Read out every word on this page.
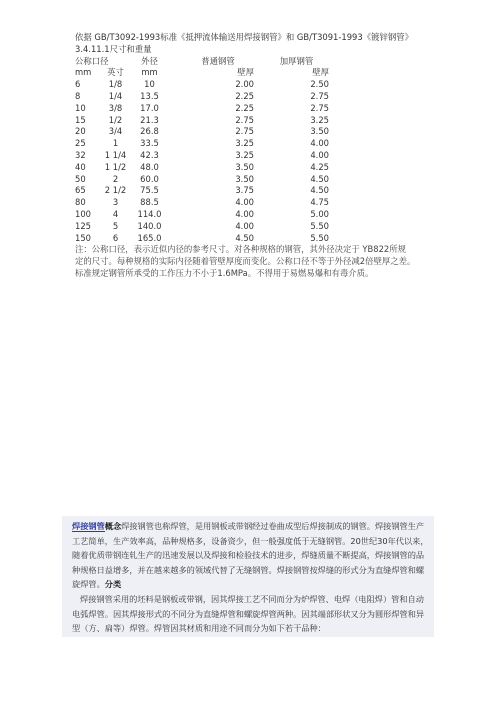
依据 GB/T3092-1993标准《抵押流体输送用焊接钢管》和 GB/T3091-1993《镀锌钢管》

3.4.11.1尺寸和重量

公称口径		外径	普通钢管	加厚钢管
mm	英寸	mm	壁厚	壁厚
6	1/8	10	2.00	2.50
8	1/4	13.5	2.25	2.75
10	3/8	17.0	2.25	2.75
15	1/2	21.3	2.75	3.25
20	3/4	26.8	2.75	3.50
25	1	33.5	3.25	4.00
32	1 1/4	42.3	3.25	4.00
40	1 1/2	48.0	3.50	4.25
50	2	60.0	3.50	4.50
65	2 1/2	75.5	3.75	4.50
80	3	88.5	4.00	4.75
100	4	114.0	4.00	5.00
125	5	140.0	4.00	5.50
150	6	165.0	4.50	5.50

注：公称口径，表示近似内径的参考尺寸。对各种规格的钢管，其外径决定于 YB822所规

定的尺寸。每种规格的实际内径随着管壁厚度而变化。公称口径不等于外径减2倍壁厚之差。

标准规定钢管所承受的工作压力不小于1.6MPa。不得用于易燃易爆和有毒介质。

焊接钢管概念焊接钢管也称焊管，是用钢板或带钢经过卷曲成型后焊接制成的钢管。焊接钢管生产工艺简单，生产效率高，品种规格多，设备资少，但一般强度低于无缝钢管。20世纪30年代以来，随着优质带钢连轧生产的迅速发展以及焊接和检验技术的进步，焊缝质量不断提高，焊接钢管的品种规格日益增多，并在越来越多的领域代替了无缝钢管。焊接钢管按焊缝的形式分为直缝焊管和螺旋焊管。分类

焊接钢管采用的坯料是钢板或带钢，因其焊接工艺不同而分为炉焊管、电焊（电阻焊）管和自动电弧焊管。因其焊接形式的不同分为直缝焊管和螺旋焊管两种。因其端部形状又分为圆形焊管和异型（方、扁等）焊管。焊管因其材质和用途不同而分为如下若干品种：
